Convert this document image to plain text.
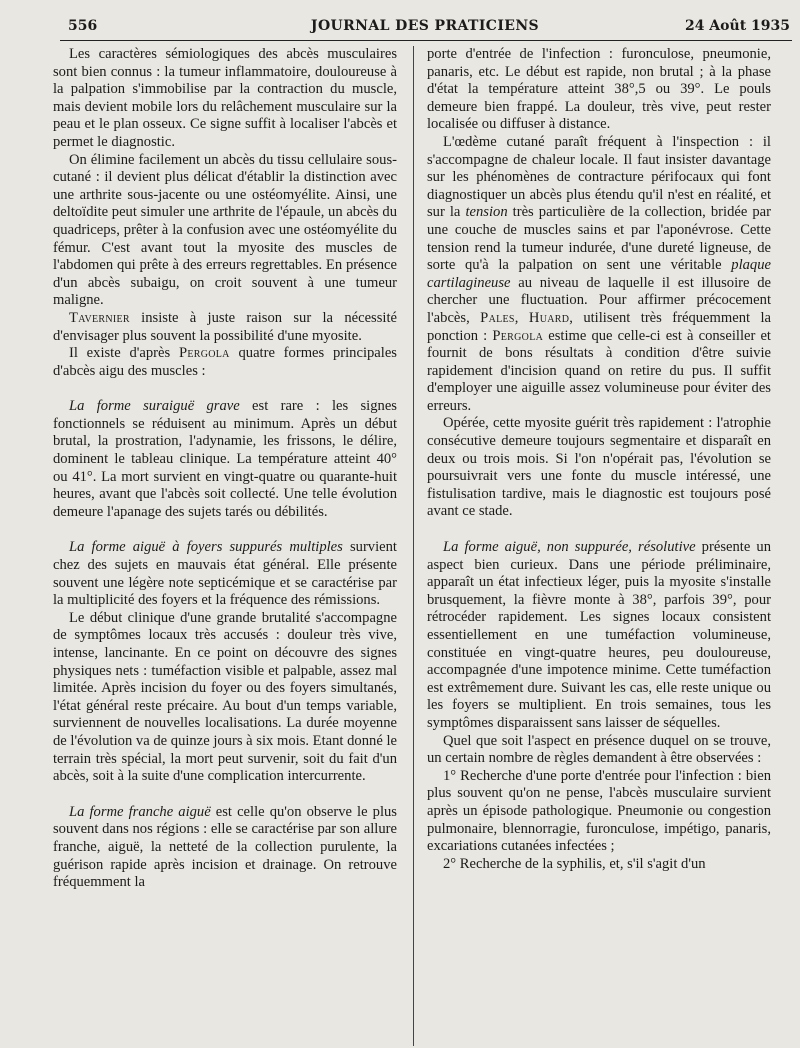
556	JOURNAL DES PRATICIENS	24 Août 1935

Les caractères sémiologiques des abcès musculaires sont bien connus : la tumeur inflammatoire, douloureuse à la palpation s'immobilise par la contraction du muscle, mais devient mobile lors du relâchement musculaire sur la peau et le plan osseux. Ce signe suffit à localiser l'abcès et permet le diagnostic.

On élimine facilement un abcès du tissu cellulaire sous-cutané : il devient plus délicat d'établir la distinction avec une arthrite sous-jacente ou une ostéomyélite. Ainsi, une deltoïdite peut simuler une arthrite de l'épaule, un abcès du quadriceps, prêter à la confusion avec une ostéomyélite du fémur. C'est avant tout la myosite des muscles de l'abdomen qui prête à des erreurs regrettables. En présence d'un abcès subaigu, on croit souvent à une tumeur maligne.

Tavernier insiste à juste raison sur la nécessité d'envisager plus souvent la possibilité d'une myosite.

Il existe d'après Pergola quatre formes principales d'abcès aigu des muscles :

La forme suraiguë grave est rare : les signes fonctionnels se réduisent au minimum. Après un début brutal, la prostration, l'adynamie, les frissons, le délire, dominent le tableau clinique. La température atteint 40° ou 41°. La mort survient en vingt-quatre ou quarante-huit heures, avant que l'abcès soit collecté. Une telle évolution demeure l'apanage des sujets tarés ou débilités.

La forme aiguë à foyers suppurés multiples survient chez des sujets en mauvais état général. Elle présente souvent une légère note septicémique et se caractérise par la multiplicité des foyers et la fréquence des rémissions.

Le début clinique d'une grande brutalité s'accompagne de symptômes locaux très accusés : douleur très vive, intense, lancinante. En ce point on découvre des signes physiques nets : tuméfaction visible et palpable, assez mal limitée. Après incision du foyer ou des foyers simultanés, l'état général reste précaire. Au bout d'un temps variable, surviennent de nouvelles localisations. La durée moyenne de l'évolution va de quinze jours à six mois. Etant donné le terrain très spécial, la mort peut survenir, soit du fait d'un abcès, soit à la suite d'une complication intercurrente.

La forme franche aiguë est celle qu'on observe le plus souvent dans nos régions : elle se caractérise par son allure franche, aiguë, la netteté de la collection purulente, la guérison rapide après incision et drainage. On retrouve fréquemment la

porte d'entrée de l'infection : furonculose, pneumonie, panaris, etc. Le début est rapide, non brutal ; à la phase d'état la température atteint 38°,5 ou 39°. Le pouls demeure bien frappé. La douleur, très vive, peut rester localisée ou diffuser à distance.

L'œdème cutané paraît fréquent à l'inspection : il s'accompagne de chaleur locale. Il faut insister davantage sur les phénomènes de contracture périfocaux qui font diagnostiquer un abcès plus étendu qu'il n'est en réalité, et sur la tension très particulière de la collection, bridée par une couche de muscles sains et par l'aponévrose. Cette tension rend la tumeur indurée, d'une dureté ligneuse, de sorte qu'à la palpation on sent une véritable plaque cartilagineuse au niveau de laquelle il est illusoire de chercher une fluctuation. Pour affirmer précocement l'abcès, Pales, Huard, utilisent très fréquemment la ponction : Pergola estime que celle-ci est à conseiller et fournit de bons résultats à condition d'être suivie rapidement d'incision quand on retire du pus. Il suffit d'employer une aiguille assez volumineuse pour éviter des erreurs.

Opérée, cette myosite guérit très rapidement : l'atrophie consécutive demeure toujours segmentaire et disparaît en deux ou trois mois. Si l'on n'opérait pas, l'évolution se poursuivrait vers une fonte du muscle intéressé, une fistulisation tardive, mais le diagnostic est toujours posé avant ce stade.

La forme aiguë, non suppurée, résolutive présente un aspect bien curieux. Dans une période préliminaire, apparaît un état infectieux léger, puis la myosite s'installe brusquement, la fièvre monte à 38°, parfois 39°, pour rétrocéder rapidement. Les signes locaux consistent essentiellement en une tuméfaction volumineuse, constituée en vingt-quatre heures, peu douloureuse, accompagnée d'une impotence minime. Cette tuméfaction est extrêmement dure. Suivant les cas, elle reste unique ou les foyers se multiplient. En trois semaines, tous les symptômes disparaissent sans laisser de séquelles.

Quel que soit l'aspect en présence duquel on se trouve, un certain nombre de règles demandent à être observées :

1° Recherche d'une porte d'entrée pour l'infection : bien plus souvent qu'on ne pense, l'abcès musculaire survient après un épisode pathologique. Pneumonie ou congestion pulmonaire, blennorragie, furonculose, impétigo, panaris, excariations cutanées infectées ;

2° Recherche de la syphilis, et, s'il s'agit d'un
